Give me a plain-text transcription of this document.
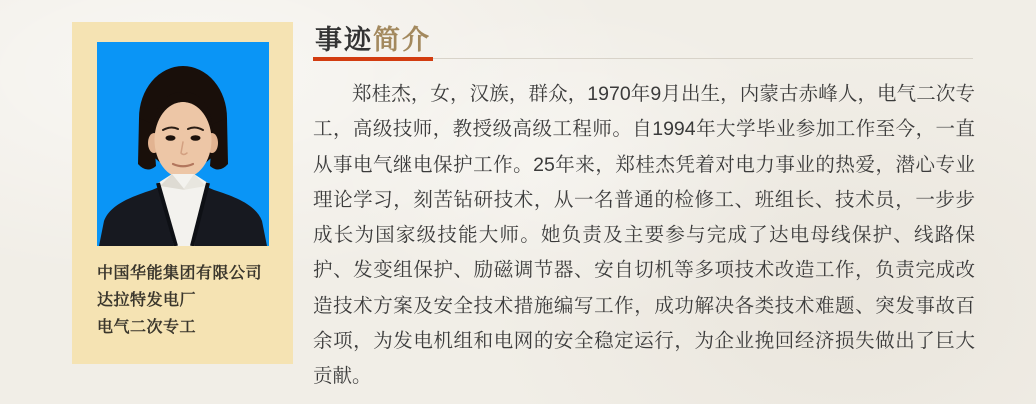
中国华能集团有限公司
达拉特发电厂
电气二次专工
事迹简介

郑桂杰，女，汉族，群众，1970年9月出生，内蒙古赤峰人，电气二次专工，高级技师，教授级高级工程师。自1994年大学毕业参加工作至今，一直从事电气继电保护工作。25年来，郑桂杰凭着对电力事业的热爱，潜心专业理论学习，刻苦钻研技术，从一名普通的检修工、班组长、技术员，一步步成长为国家级技能大师。她负责及主要参与完成了达电母线保护、线路保护、发变组保护、励磁调节器、安自切机等多项技术改造工作，负责完成改造技术方案及安全技术措施编写工作，成功解决各类技术难题、突发事故百余项，为发电机组和电网的安全稳定运行，为企业挽回经济损失做出了巨大贡献。
